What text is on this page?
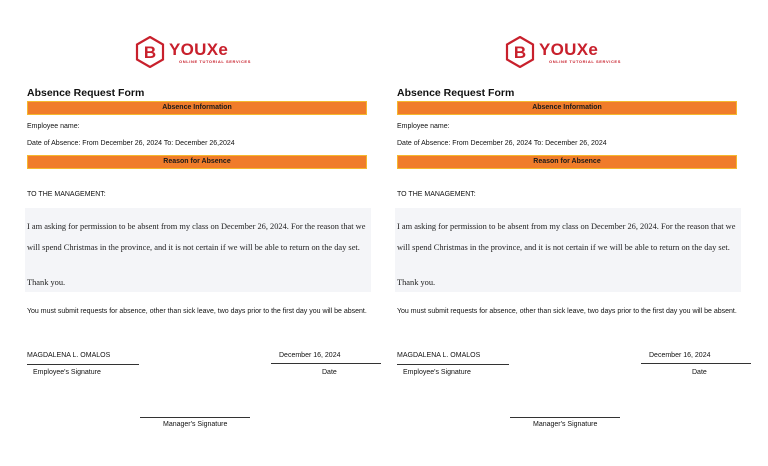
B YOUXe
ONLINE TUTORIAL SERVICES
Absence Request Form
Absence Information
Employee name:
Date of Absence: From December 26, 2024 To: December 26,2024
Reason for Absence
TO THE MANAGEMENT:
I am asking for permission to be absent from my class on December 26, 2024. For the reason that we will spend Christmas in the province, and it is not certain if we will be able to return on the day set.
Thank you.
You must submit requests for absence, other than sick leave, two days prior to the first day you will be absent.
MAGDALENA L. OMALOS
Employee's Signature
December 16, 2024
Date
Manager's Signature
B YOUXe
ONLINE TUTORIAL SERVICES
Absence Request Form
Absence Information
Employee name:
Date of Absence: From December 26, 2024 To: December 26, 2024
Reason for Absence
TO THE MANAGEMENT:
I am asking for permission to be absent from my class on December 26, 2024. For the reason that we will spend Christmas in the province, and it is not certain if we will be able to return on the day set.
Thank you.
You must submit requests for absence, other than sick leave, two days prior to the first day you will be absent.
MAGDALENA L. OMALOS
Employee's Signature
December 16, 2024
Date
Manager's Signature
